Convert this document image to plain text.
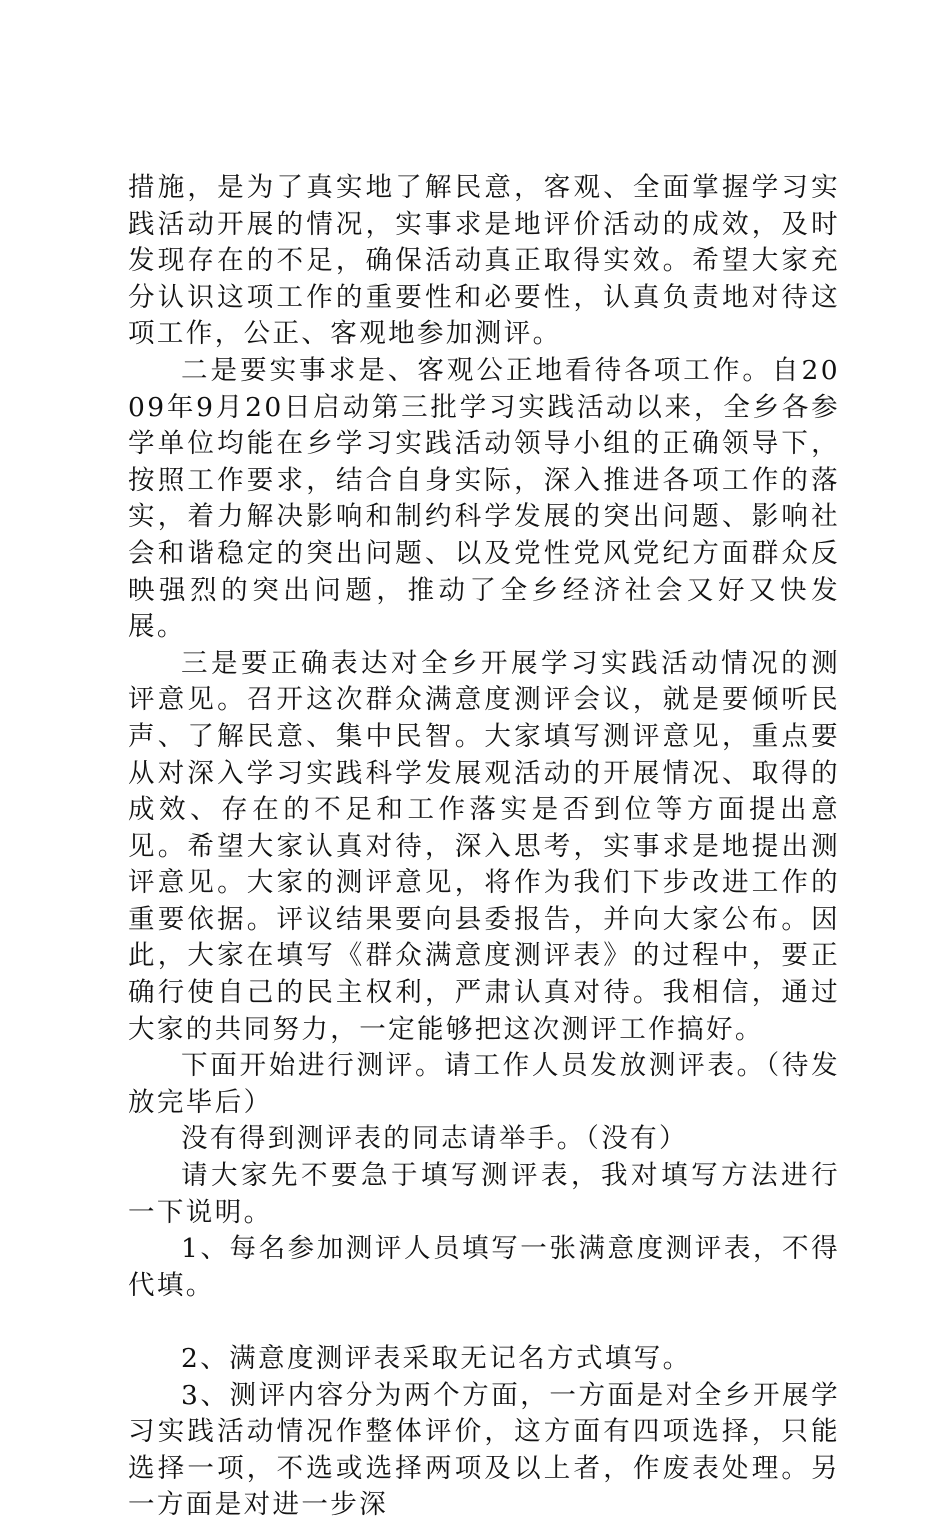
措施，是为了真实地了解民意，客观、全面掌握学习实践活动开展的情况，实事求是地评价活动的成效，及时发现存在的不足，确保活动真正取得实效。希望大家充分认识这项工作的重要性和必要性，认真负责地对待这项工作，公正、客观地参加测评。

二是要实事求是、客观公正地看待各项工作。自2009年9月20日启动第三批学习实践活动以来，全乡各参学单位均能在乡学习实践活动领导小组的正确领导下，按照工作要求，结合自身实际，深入推进各项工作的落实，着力解决影响和制约科学发展的突出问题、影响社会和谐稳定的突出问题、以及党性党风党纪方面群众反映强烈的突出问题，推动了全乡经济社会又好又快发展。

三是要正确表达对全乡开展学习实践活动情况的测评意见。召开这次群众满意度测评会议，就是要倾听民声、了解民意、集中民智。大家填写测评意见，重点要从对深入学习实践科学发展观活动的开展情况、取得的成效、存在的不足和工作落实是否到位等方面提出意见。希望大家认真对待，深入思考，实事求是地提出测评意见。大家的测评意见，将作为我们下步改进工作的重要依据。评议结果要向县委报告，并向大家公布。因此，大家在填写《群众满意度测评表》的过程中，要正确行使自己的民主权利，严肃认真对待。我相信，通过大家的共同努力，一定能够把这次测评工作搞好。

下面开始进行测评。请工作人员发放测评表。（待发放完毕后）

没有得到测评表的同志请举手。（没有）

请大家先不要急于填写测评表，我对填写方法进行一下说明。

1、每名参加测评人员填写一张满意度测评表，不得代填。

2、满意度测评表采取无记名方式填写。

3、测评内容分为两个方面，一方面是对全乡开展学习实践活动情况作整体评价，这方面有四项选择，只能选择一项，不选或选择两项及以上者，作废表处理。另一方面是对进一步深
